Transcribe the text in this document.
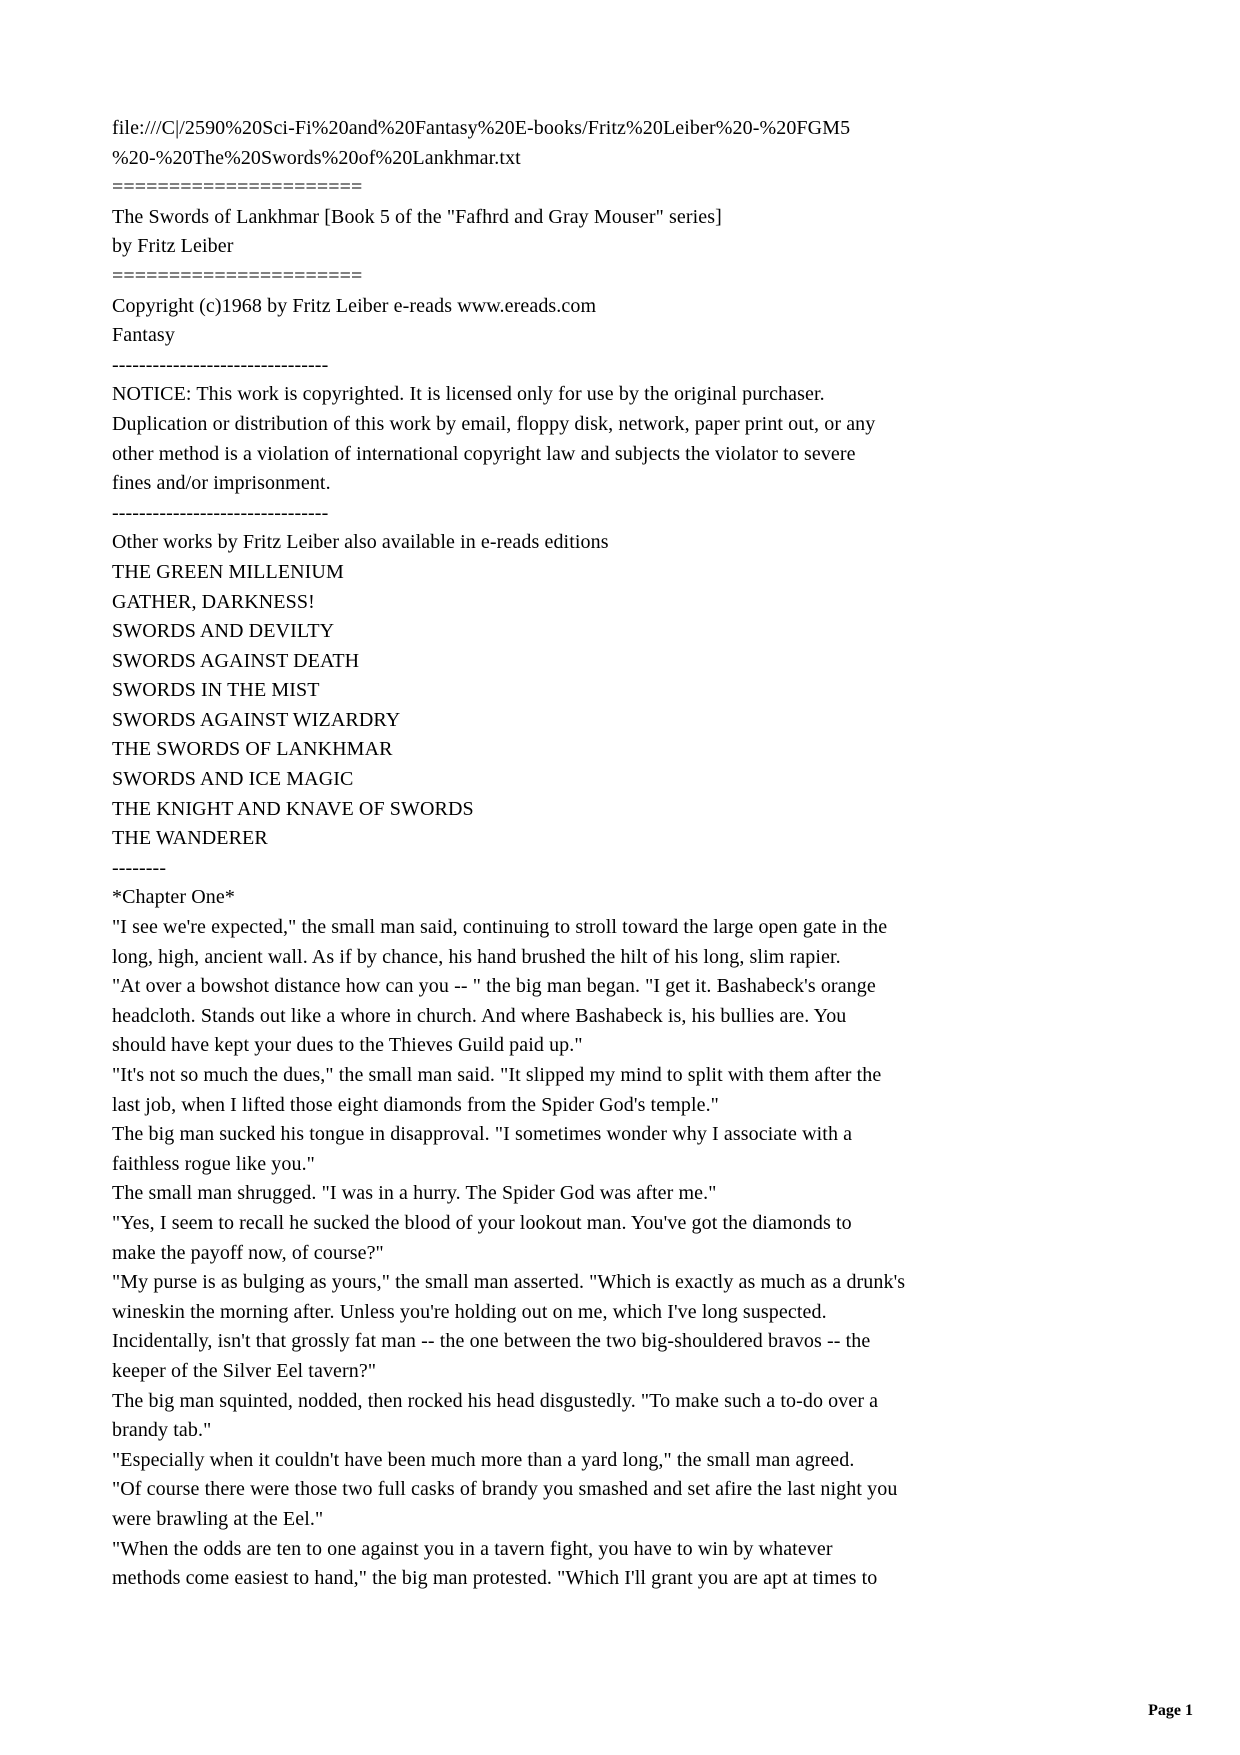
file:///C|/2590%20Sci-Fi%20and%20Fantasy%20E-books/Fritz%20Leiber%20-%20FGM5
%20-%20The%20Swords%20of%20Lankhmar.txt
======================
The Swords of Lankhmar [Book 5 of the "Fafhrd and Gray Mouser" series]
by Fritz Leiber
======================
Copyright (c)1968 by Fritz Leiber e-reads www.ereads.com
Fantasy
--------------------------------
NOTICE: This work is copyrighted. It is licensed only for use by the original purchaser.
Duplication or distribution of this work by email, floppy disk, network, paper print out, or any
other method is a violation of international copyright law and subjects the violator to severe
fines and/or imprisonment.
--------------------------------
Other works by Fritz Leiber also available in e-reads editions
THE GREEN MILLENIUM
GATHER, DARKNESS!
SWORDS AND DEVILTY
SWORDS AGAINST DEATH
SWORDS IN THE MIST
SWORDS AGAINST WIZARDRY
THE SWORDS OF LANKHMAR
SWORDS AND ICE MAGIC
THE KNIGHT AND KNAVE OF SWORDS
THE WANDERER
--------
*Chapter One*
"I see we're expected," the small man said, continuing to stroll toward the large open gate in the
long, high, ancient wall. As if by chance, his hand brushed the hilt of his long, slim rapier.
"At over a bowshot distance how can you -- " the big man began. "I get it. Bashabeck's orange
headcloth. Stands out like a whore in church. And where Bashabeck is, his bullies are. You
should have kept your dues to the Thieves Guild paid up."
"It's not so much the dues," the small man said. "It slipped my mind to split with them after the
last job, when I lifted those eight diamonds from the Spider God's temple."
The big man sucked his tongue in disapproval. "I sometimes wonder why I associate with a
faithless rogue like you."
The small man shrugged. "I was in a hurry. The Spider God was after me."
"Yes, I seem to recall he sucked the blood of your lookout man. You've got the diamonds to
make the payoff now, of course?"
"My purse is as bulging as yours," the small man asserted. "Which is exactly as much as a drunk's
wineskin the morning after. Unless you're holding out on me, which I've long suspected.
Incidentally, isn't that grossly fat man -- the one between the two big-shouldered bravos -- the
keeper of the Silver Eel tavern?"
The big man squinted, nodded, then rocked his head disgustedly. "To make such a to-do over a
brandy tab."
"Especially when it couldn't have been much more than a yard long," the small man agreed.
"Of course there were those two full casks of brandy you smashed and set afire the last night you
were brawling at the Eel."
"When the odds are ten to one against you in a tavern fight, you have to win by whatever
methods come easiest to hand," the big man protested. "Which I'll grant you are apt at times to
Page 1
